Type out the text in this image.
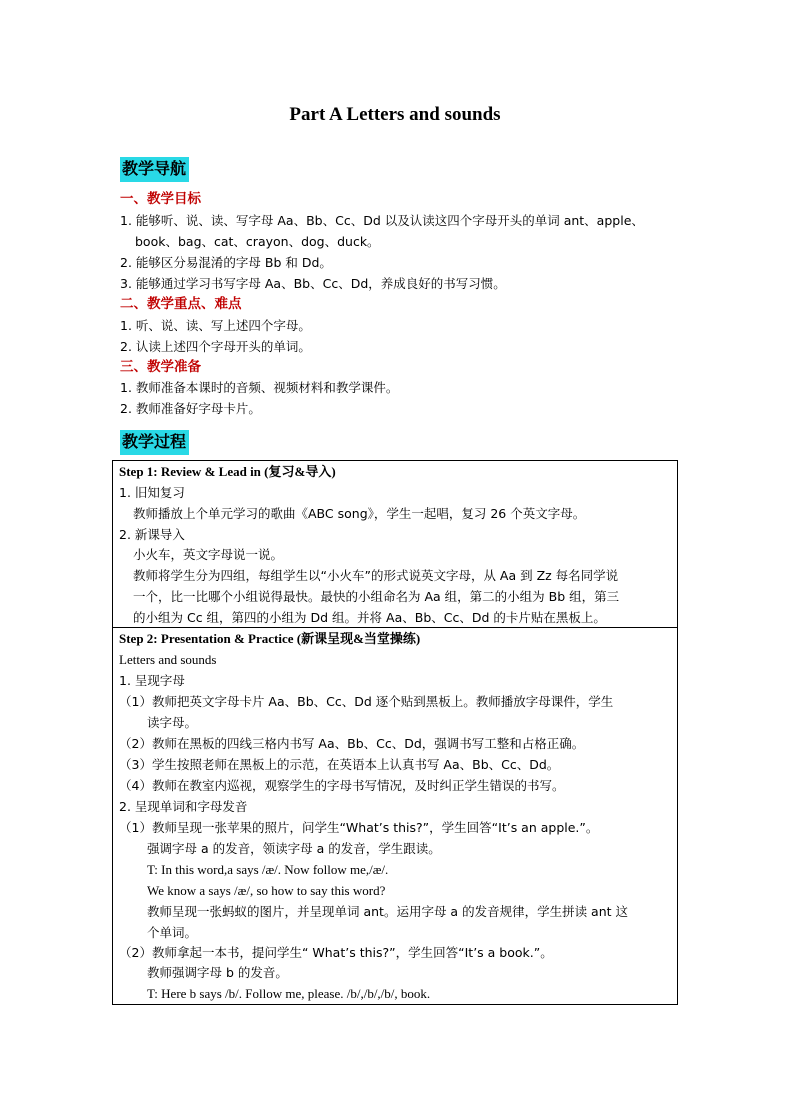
Part A Letters and sounds
教学导航
一、教学目标
1. 能够听、说、读、写字母 Aa、Bb、Cc、Dd 以及认读这四个字母开头的单词 ant、apple、
book、bag、cat、crayon、dog、duck。
2. 能够区分易混淆的字母 Bb 和 Dd。
3. 能够通过学习书写字母 Aa、Bb、Cc、Dd，养成良好的书写习惯。
二、教学重点、难点
1. 听、说、读、写上述四个字母。
2. 认读上述四个字母开头的单词。
三、教学准备
1. 教师准备本课时的音频、视频材料和教学课件。
2. 教师准备好字母卡片。
教学过程
Step 1: Review & Lead in (复习&导入)
1. 旧知复习
教师播放上个单元学习的歌曲《ABC song》，学生一起唱，复习 26 个英文字母。
2. 新课导入
小火车，英文字母说一说。
教师将学生分为四组，每组学生以“小火车”的形式说英文字母，从 Aa 到 Zz 每名同学说
一个，比一比哪个小组说得最快。最快的小组命名为 Aa 组，第二的小组为 Bb 组，第三
的小组为 Cc 组，第四的小组为 Dd 组。并将 Aa、Bb、Cc、Dd 的卡片贴在黑板上。
Step 2: Presentation & Practice (新课呈现&当堂操练)
Letters and sounds
1. 呈现字母
（1）教师把英文字母卡片 Aa、Bb、Cc、Dd 逐个贴到黑板上。教师播放字母课件，学生
读字母。
（2）教师在黑板的四线三格内书写 Aa、Bb、Cc、Dd，强调书写工整和占格正确。
（3）学生按照老师在黑板上的示范，在英语本上认真书写 Aa、Bb、Cc、Dd。
（4）教师在教室内巡视，观察学生的字母书写情况，及时纠正学生错误的书写。
2. 呈现单词和字母发音
（1）教师呈现一张苹果的照片，问学生“What’s this?”，学生回答“It’s an apple.”。
强调字母 a 的发音，领读字母 a 的发音，学生跟读。
T: In this word,a says /æ/. Now follow me,/æ/.
We know a says /æ/, so how to say this word?
教师呈现一张蚂蚁的图片，并呈现单词 ant。运用字母 a 的发音规律，学生拼读 ant 这
个单词。
（2）教师拿起一本书，提问学生“ What’s this?”，学生回答“It’s a book.”。
教师强调字母 b 的发音。
T: Here b says /b/. Follow me, please. /b/,/b/,/b/, book.
